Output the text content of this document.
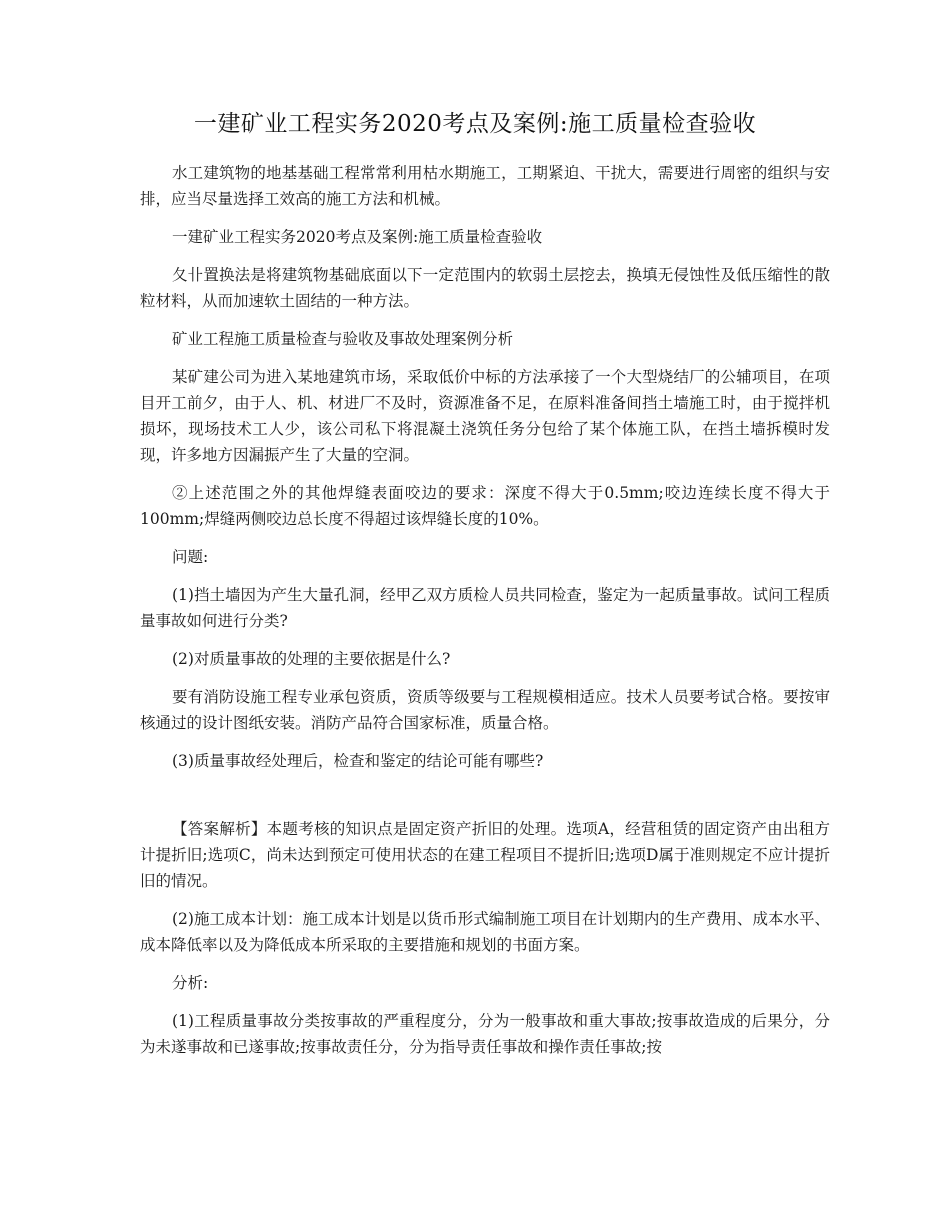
一建矿业工程实务2020考点及案例:施工质量检查验收

水工建筑物的地基基础工程常常利用枯水期施工，工期紧迫、干扰大，需要进行周密的组织与安排，应当尽量选择工效高的施工方法和机械。

一建矿业工程实务2020考点及案例:施工质量检查验收

夂卝置换法是将建筑物基础底面以下一定范围内的软弱土层挖去，换填无侵蚀性及低压缩性的散粒材料，从而加速软土固结的一种方法。

矿业工程施工质量检查与验收及事故处理案例分析

某矿建公司为进入某地建筑市场，采取低价中标的方法承接了一个大型烧结厂的公辅项目，在项目开工前夕，由于人、机、材进厂不及时，资源准备不足，在原料准备间挡土墙施工时，由于搅拌机损坏，现场技术工人少，该公司私下将混凝土浇筑任务分包给了某个体施工队，在挡土墙拆模时发现，许多地方因漏振产生了大量的空洞。

②上述范围之外的其他焊缝表面咬边的要求：深度不得大于0.5mm;咬边连续长度不得大于100mm;焊缝两侧咬边总长度不得超过该焊缝长度的10%。

问题:

(1)挡土墙因为产生大量孔洞，经甲乙双方质检人员共同检查，鉴定为一起质量事故。试问工程质量事故如何进行分类?

(2)对质量事故的处理的主要依据是什么?

要有消防设施工程专业承包资质，资质等级要与工程规模相适应。技术人员要考试合格。要按审核通过的设计图纸安装。消防产品符合国家标准，质量合格。

(3)质量事故经处理后，检查和鉴定的结论可能有哪些?

【答案解析】本题考核的知识点是固定资产折旧的处理。选项A，经营租赁的固定资产由出租方计提折旧;选项C，尚未达到预定可使用状态的在建工程项目不提折旧;选项D属于准则规定不应计提折旧的情况。

(2)施工成本计划：施工成本计划是以货币形式编制施工项目在计划期内的生产费用、成本水平、成本降低率以及为降低成本所采取的主要措施和规划的书面方案。

分析:

(1)工程质量事故分类按事故的严重程度分，分为一般事故和重大事故;按事故造成的后果分，分为未遂事故和已遂事故;按事故责任分，分为指导责任事故和操作责任事故;按
